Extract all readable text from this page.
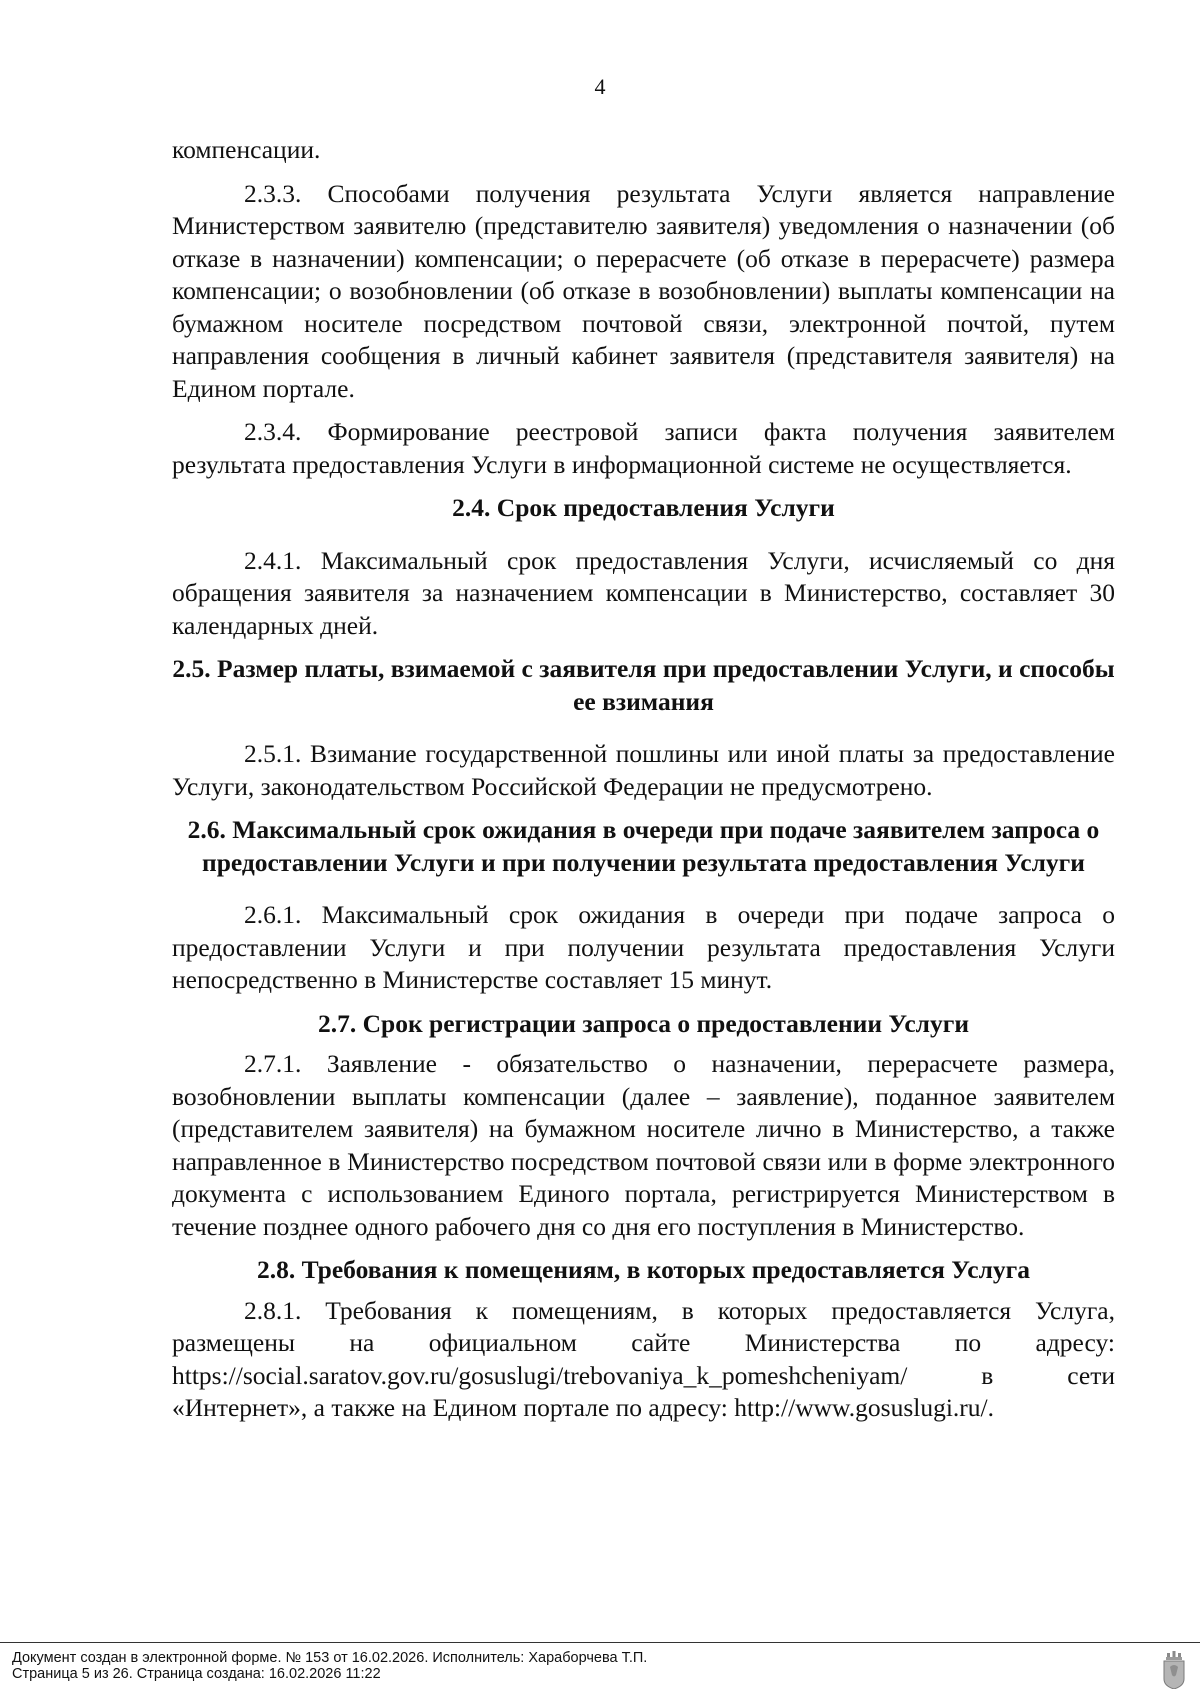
4
компенсации.
2.3.3. Способами получения результата Услуги является направление Министерством заявителю (представителю заявителя) уведомления о назначении (об отказе в назначении) компенсации; о перерасчете (об отказе в перерасчете) размера компенсации; о возобновлении (об отказе в возобновлении) выплаты компенсации на бумажном носителе посредством почтовой связи, электронной почтой, путем направления сообщения в личный кабинет заявителя (представителя заявителя) на Едином портале.
2.3.4. Формирование реестровой записи факта получения заявителем результата предоставления Услуги в информационной системе не осуществляется.
2.4. Срок предоставления Услуги
2.4.1. Максимальный срок предоставления Услуги, исчисляемый со дня обращения заявителя за назначением компенсации в Министерство, составляет 30 календарных дней.
2.5. Размер платы, взимаемой с заявителя при предоставлении Услуги, и способы ее взимания
2.5.1. Взимание государственной пошлины или иной платы за предоставление Услуги, законодательством Российской Федерации не предусмотрено.
2.6. Максимальный срок ожидания в очереди при подаче заявителем запроса о предоставлении Услуги и при получении результата предоставления Услуги
2.6.1. Максимальный срок ожидания в очереди при подаче запроса о предоставлении Услуги и при получении результата предоставления Услуги непосредственно в Министерстве составляет 15 минут.
2.7. Срок регистрации запроса о предоставлении Услуги
2.7.1. Заявление - обязательство о назначении, перерасчете размера, возобновлении выплаты компенсации (далее – заявление), поданное заявителем (представителем заявителя) на бумажном носителе лично в Министерство, а также направленное в Министерство посредством почтовой связи или в форме электронного документа с использованием Единого портала, регистрируется Министерством в течение позднее одного рабочего дня со дня его поступления в Министерство.
2.8. Требования к помещениям, в которых предоставляется Услуга
2.8.1. Требования к помещениям, в которых предоставляется Услуга, размещены на официальном сайте Министерства по адресу: https://social.saratov.gov.ru/gosuslugi/trebovaniya_k_pomeshcheniyam/ в сети «Интернет», а также на Едином портале по адресу: http://www.gosuslugi.ru/.
Документ создан в электронной форме. № 153 от 16.02.2026. Исполнитель: Хараборчева Т.П.
Страница 5 из 26. Страница создана: 16.02.2026 11:22
